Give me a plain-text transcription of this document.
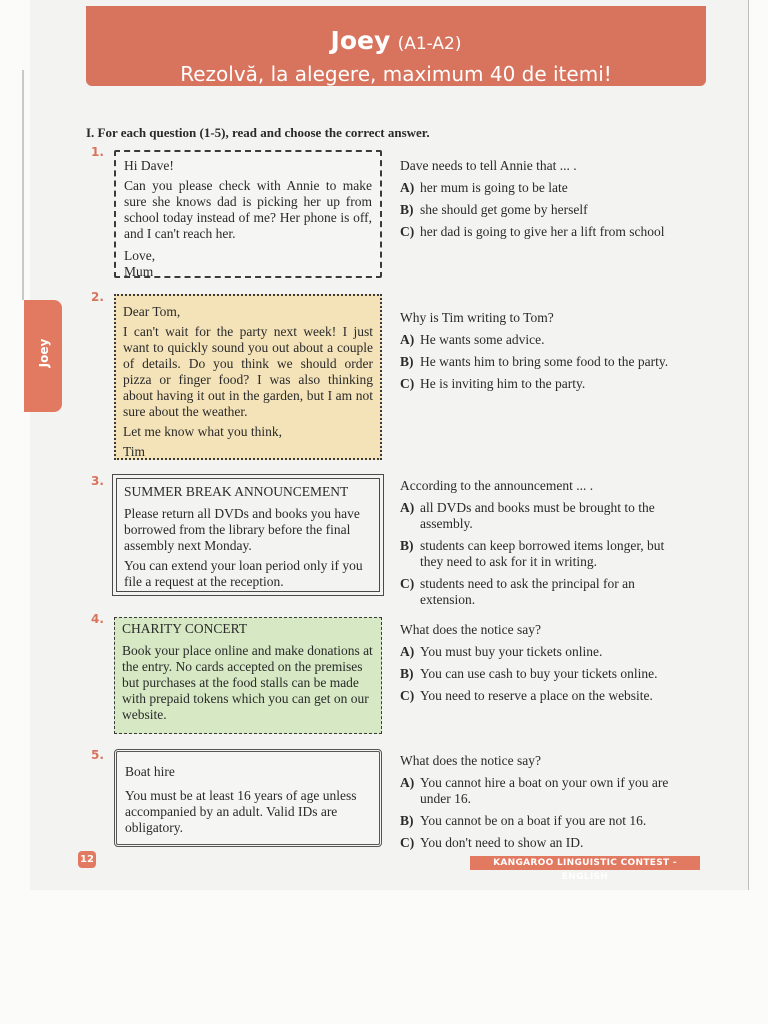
Joey (A1-A2)
Rezolvă, la alegere, maximum 40 de itemi!
Joey
I. For each question (1-5), read and choose the correct answer.
1.

Hi Dave!

Can you please check with Annie to make sure she knows dad is picking her up from school today instead of me? Her phone is off, and I can't reach her.

Love,

Mum

Dave needs to tell Annie that ... .
A) her mum is going to be late
B) she should get gome by herself
C) her dad is going to give her a lift from school
2.

Dear Tom,

I can't wait for the party next week! I just want to quickly sound you out about a couple of details. Do you think we should order pizza or finger food? I was also thinking about having it out in the garden, but I am not sure about the weather.

Let me know what you think,

Tim

Why is Tim writing to Tom?
A) He wants some advice.
B) He wants him to bring some food to the party.
C) He is inviting him to the party.
3.

SUMMER BREAK ANNOUNCEMENT

Please return all DVDs and books you have borrowed from the library before the final assembly next Monday.

You can extend your loan period only if you file a request at the reception.

According to the announcement ... .
A) all DVDs and books must be brought to the assembly.
B) students can keep borrowed items longer, but they need to ask for it in writing.
C) students need to ask the principal for an extension.
4.

CHARITY CONCERT

Book your place online and make donations at the entry. No cards accepted on the premises but purchases at the food stalls can be made with prepaid tokens which you can get on our website.

What does the notice say?
A) You must buy your tickets online.
B) You can use cash to buy your tickets online.
C) You need to reserve a place on the website.
5.

Boat hire

You must be at least 16 years of age unless accompanied by an adult. Valid IDs are obligatory.

What does the notice say?
A) You cannot hire a boat on your own if you are under 16.
B) You cannot be on a boat if you are not 16.
C) You don't need to show an ID.
12	KANGAROO LINGUISTIC CONTEST - ENGLISH
